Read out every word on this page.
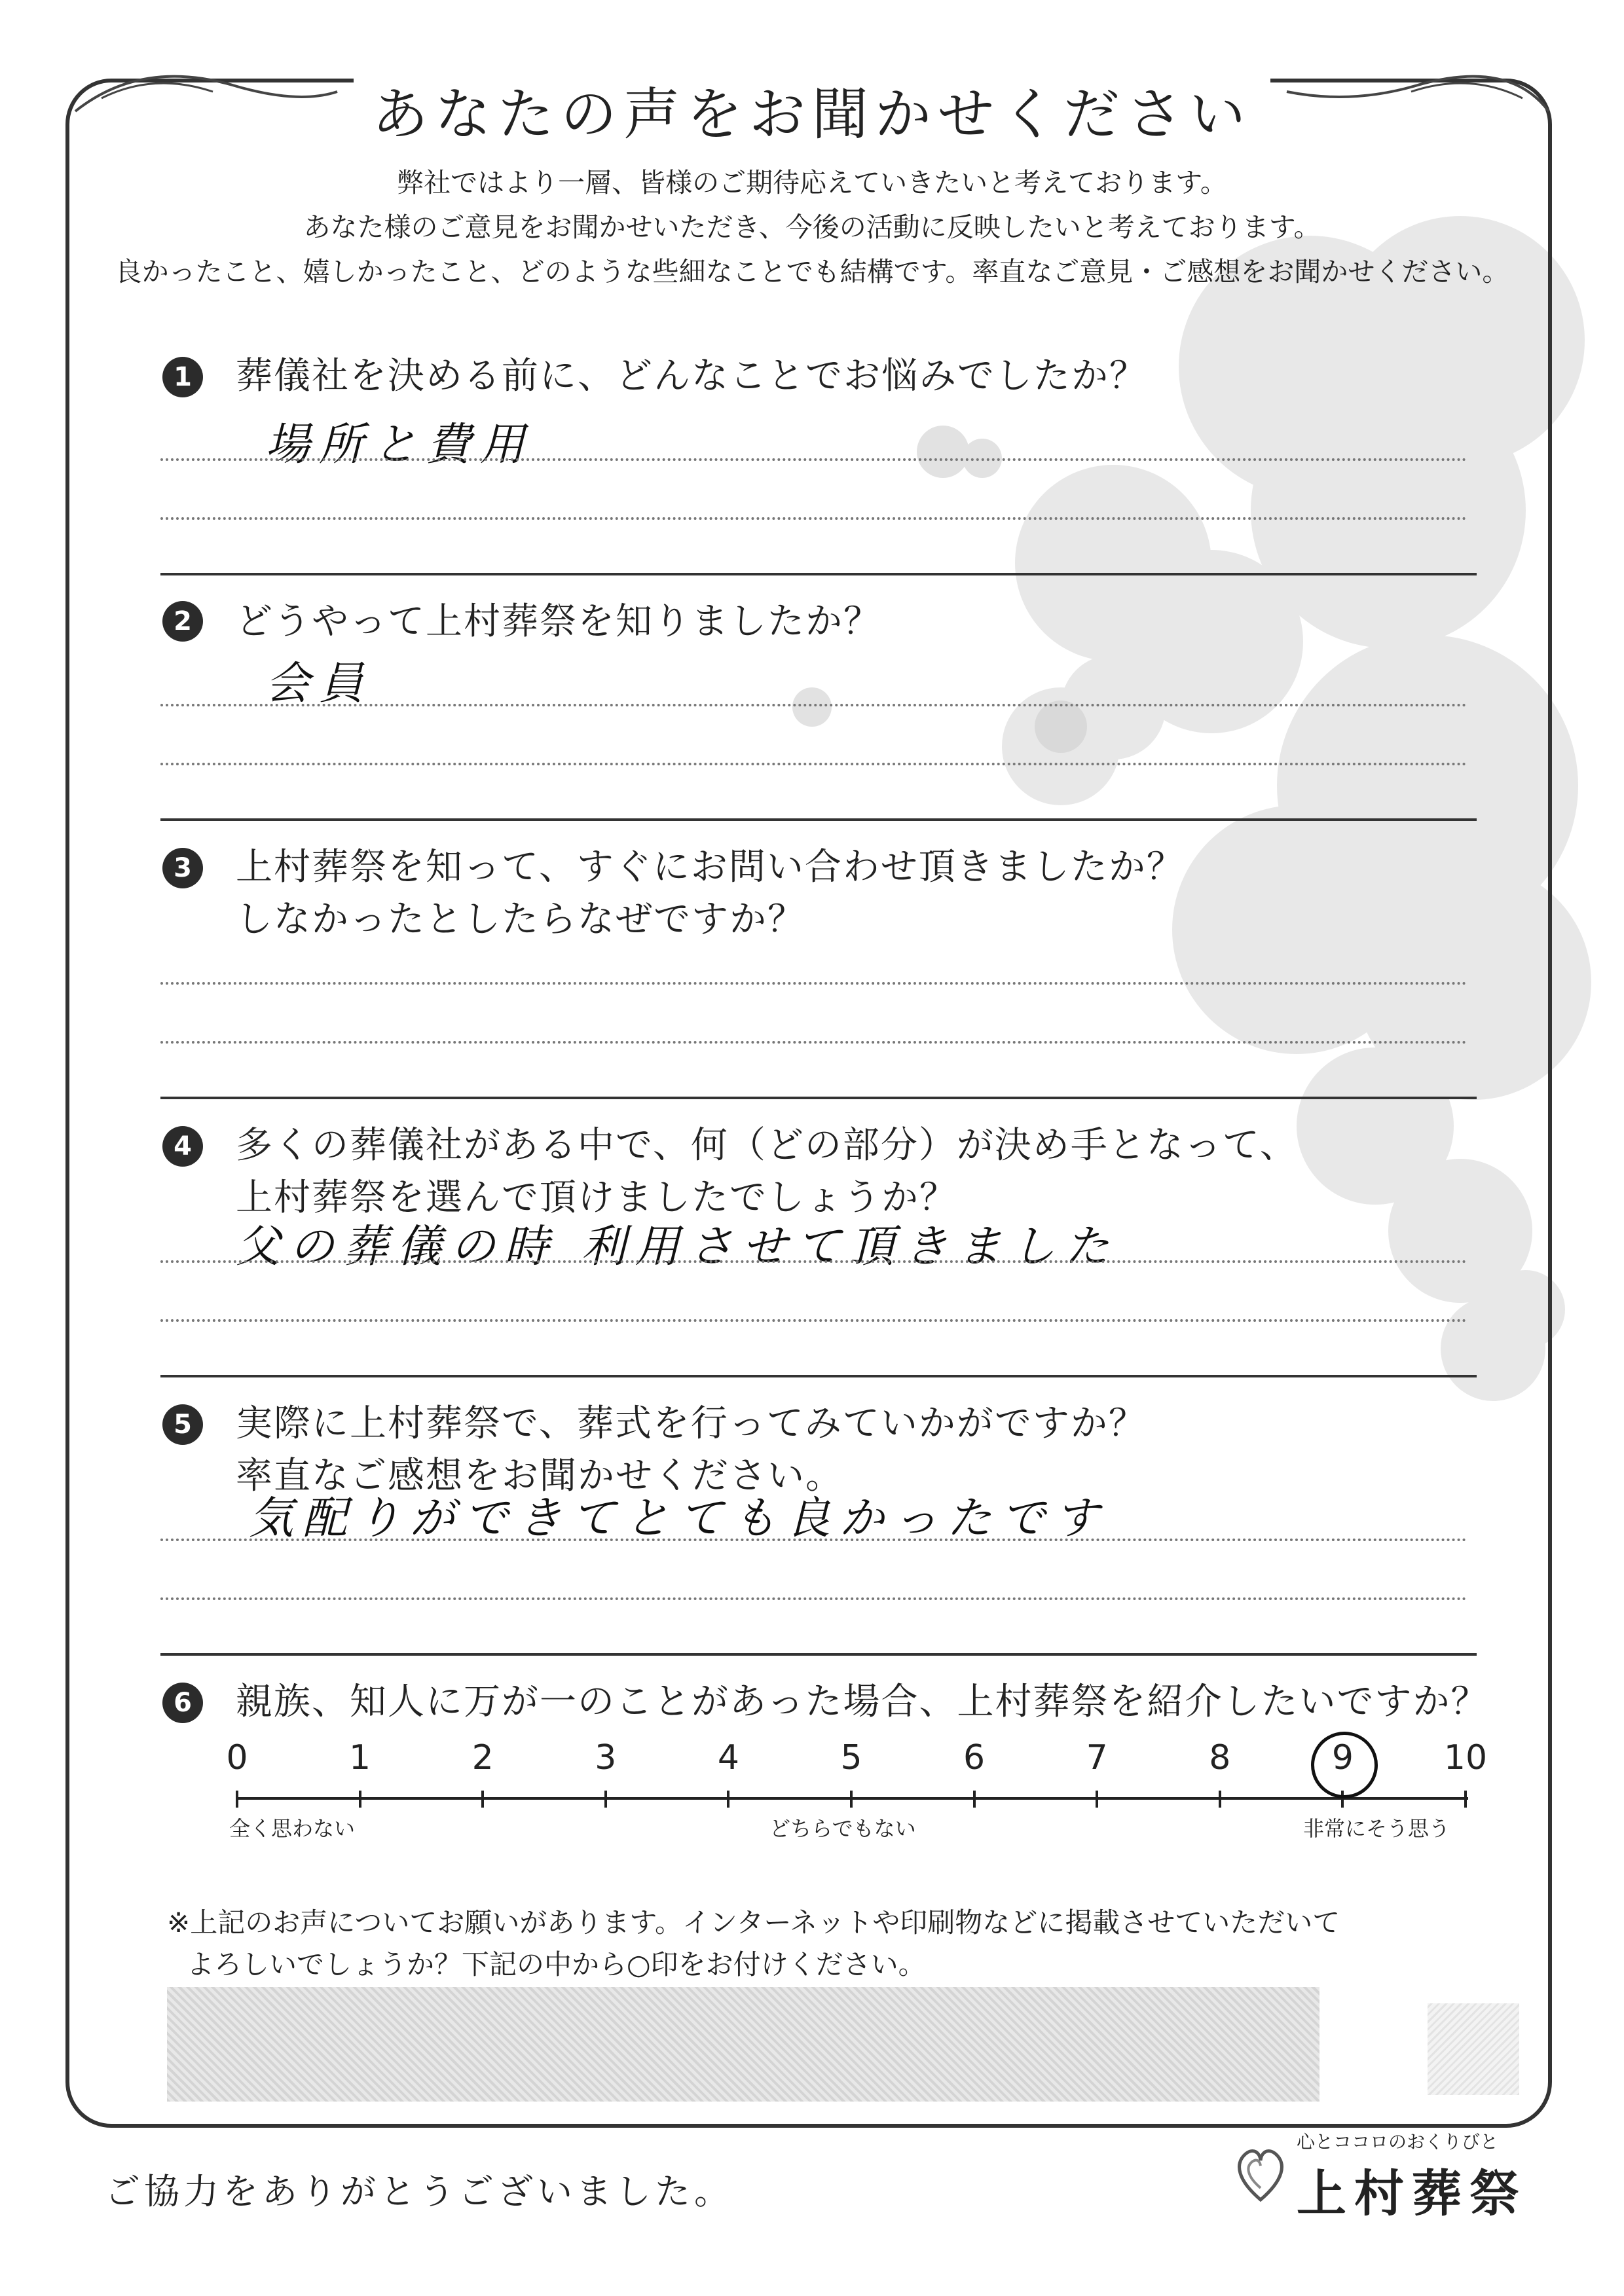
あなたの声をお聞かせください
弊社ではより一層、皆様のご期待応えていきたいと考えております。
あなた様のご意見をお聞かせいただき、今後の活動に反映したいと考えております。
良かったこと、嬉しかったこと、どのような些細なことでも結構です。率直なご意見・ご感想をお聞かせください。
1	葬儀社を決める前に、どんなことでお悩みでしたか？
場所と費用
2	どうやって上村葬祭を知りましたか？
会員
3	上村葬祭を知って、すぐにお問い合わせ頂きましたか？
しなかったとしたらなぜですか？
4	多くの葬儀社がある中で、何（どの部分）が決め手となって、
上村葬祭を選んで頂けましたでしょうか？
父の葬儀の時 利用させて頂きました
5	実際に上村葬祭で、葬式を行ってみていかがですか？
率直なご感想をお聞かせください。
気配りができてとても良かったです
6	親族、知人に万が一のことがあった場合、上村葬祭を紹介したいですか？
0	1	2	3	4	5	6	7	8	9	10
全く思わない	どちらでもない	非常にそう思う
※上記のお声についてお願いがあります。インターネットや印刷物などに掲載させていただいて
よろしいでしょうか？下記の中から○印をお付けください。
ご協力をありがとうございました。
心とココロのおくりびと
上村葬祭
